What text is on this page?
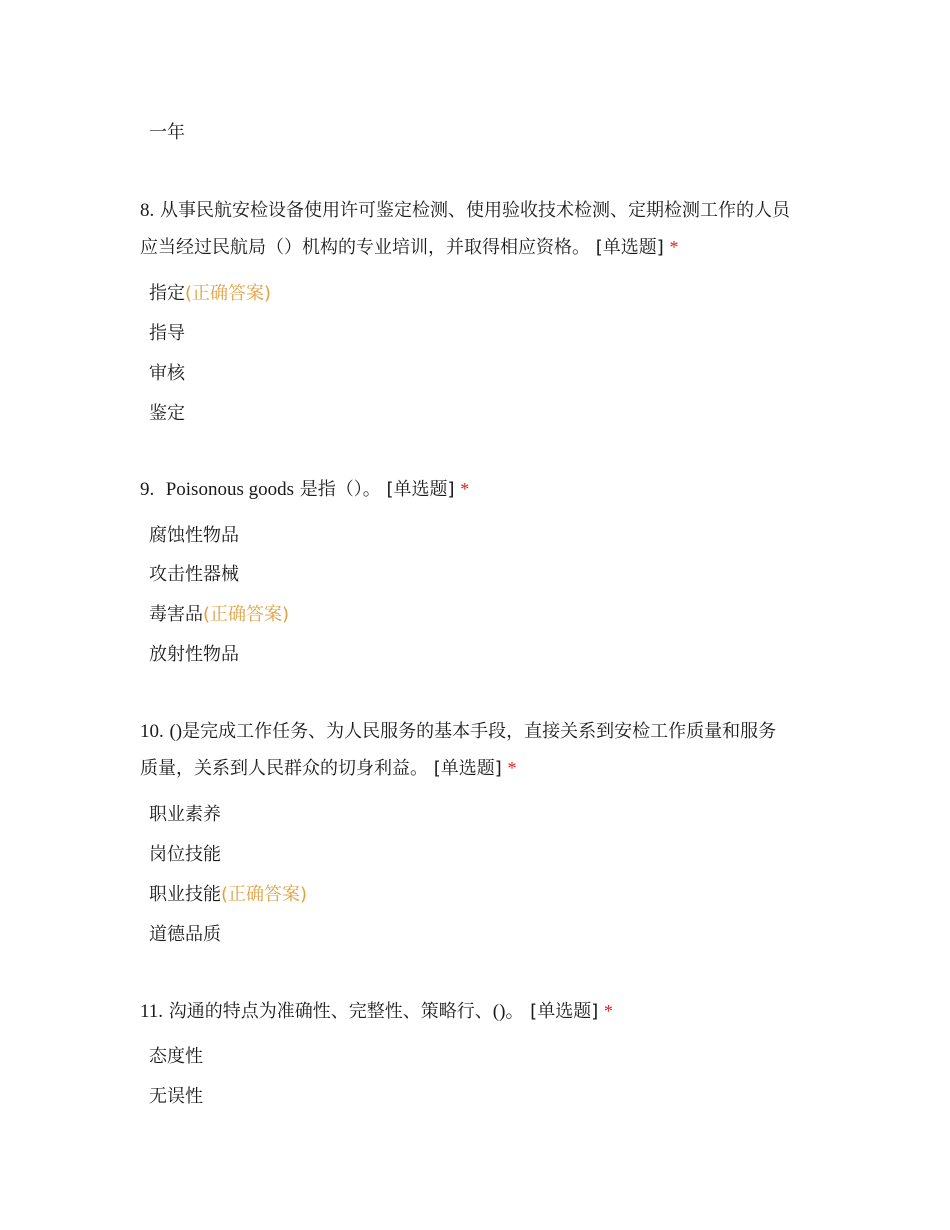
一年
8. 从事民航安检设备使用许可鉴定检测、使用验收技术检测、定期检测工作的人员
应当经过民航局（）机构的专业培训，并取得相应资格。 [单选题] *
指定(正确答案)
指导
审核
鉴定
9. Poisonous goods 是指（）。 [单选题] *
腐蚀性物品
攻击性器械
毒害品(正确答案)
放射性物品
10. ()是完成工作任务、为人民服务的基本手段，直接关系到安检工作质量和服务
质量，关系到人民群众的切身利益。 [单选题] *
职业素养
岗位技能
职业技能(正确答案)
道德品质
11. 沟通的特点为准确性、完整性、策略行、()。 [单选题] *
态度性
无误性
